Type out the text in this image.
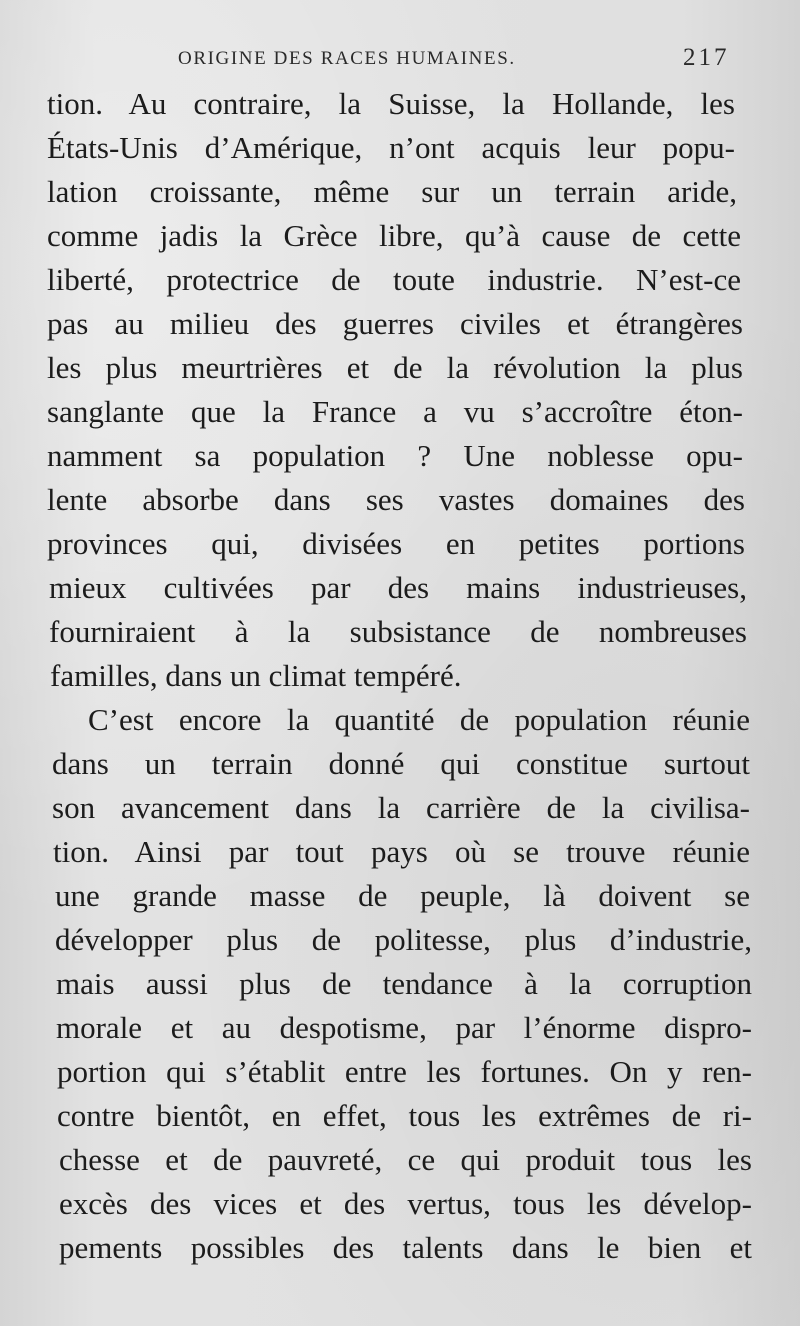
ORIGINE DES RACES HUMAINES.	217
tion. Au contraire, la Suisse, la Hollande, les
États-Unis d’Amérique, n’ont acquis leur popu-
lation croissante, même sur un terrain aride,
comme jadis la Grèce libre, qu’à cause de cette
liberté, protectrice de toute industrie. N’est-ce
pas au milieu des guerres civiles et étrangères
les plus meurtrières et de la révolution la plus
sanglante que la France a vu s’accroître éton-
namment sa population ? Une noblesse opu-
lente absorbe dans ses vastes domaines des
provinces qui, divisées en petites portions
mieux cultivées par des mains industrieuses,
fourniraient à la subsistance de nombreuses
familles, dans un climat tempéré.
C’est encore la quantité de population réunie
dans un terrain donné qui constitue surtout
son avancement dans la carrière de la civilisa-
tion. Ainsi par tout pays où se trouve réunie
une grande masse de peuple, là doivent se
développer plus de politesse, plus d’industrie,
mais aussi plus de tendance à la corruption
morale et au despotisme, par l’énorme dispro-
portion qui s’établit entre les fortunes. On y ren-
contre bientôt, en effet, tous les extrêmes de ri-
chesse et de pauvreté, ce qui produit tous les
excès des vices et des vertus, tous les dévelop-
pements possibles des talents dans le bien et
